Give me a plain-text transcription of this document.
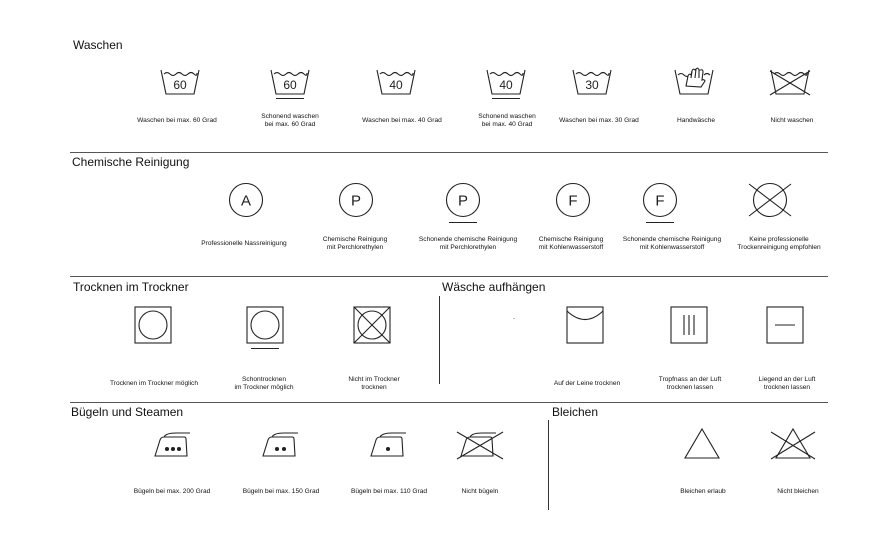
Waschen
Chemische Reinigung
Trocknen im Trockner	Wäsche aufhängen
Bügeln und Steamen	Bleichen
-
60	60	40	40	30
Waschen bei max. 60 Grad
Schonend waschen
bei max. 60 Grad
Waschen bei max. 40 Grad
Schonend waschen
bei max. 40 Grad
Waschen bei max. 30 Grad	Handwäsche	Nicht waschen
A	P	P	F	F
Professionelle Nassreinigung
Chemische Reinigung
mit Perchlorethylen
Schonende chemische Reinigung
mit Perchlorethylen
Chemische Reinigung
mit Kohlenwasserstoff
Schonende chemische Reinigung
mit Kohlenwasserstoff
Keine professionelle
Trockenreinigung empfohlen
Trocknen im Trockner möglich
Schontrocknen
im Trockner möglich
Nicht im Trockner
trocknen
Auf der Leine trocknen
Tropfnass an der Luft
trocknen lassen
Liegend an der Luft
trocknen lassen
Bügeln bei max. 200 Grad	Bügeln bei max. 150 Grad	Bügeln bei max. 110 Grad	Nicht bügeln	Bleichen erlaub	Nicht bleichen
